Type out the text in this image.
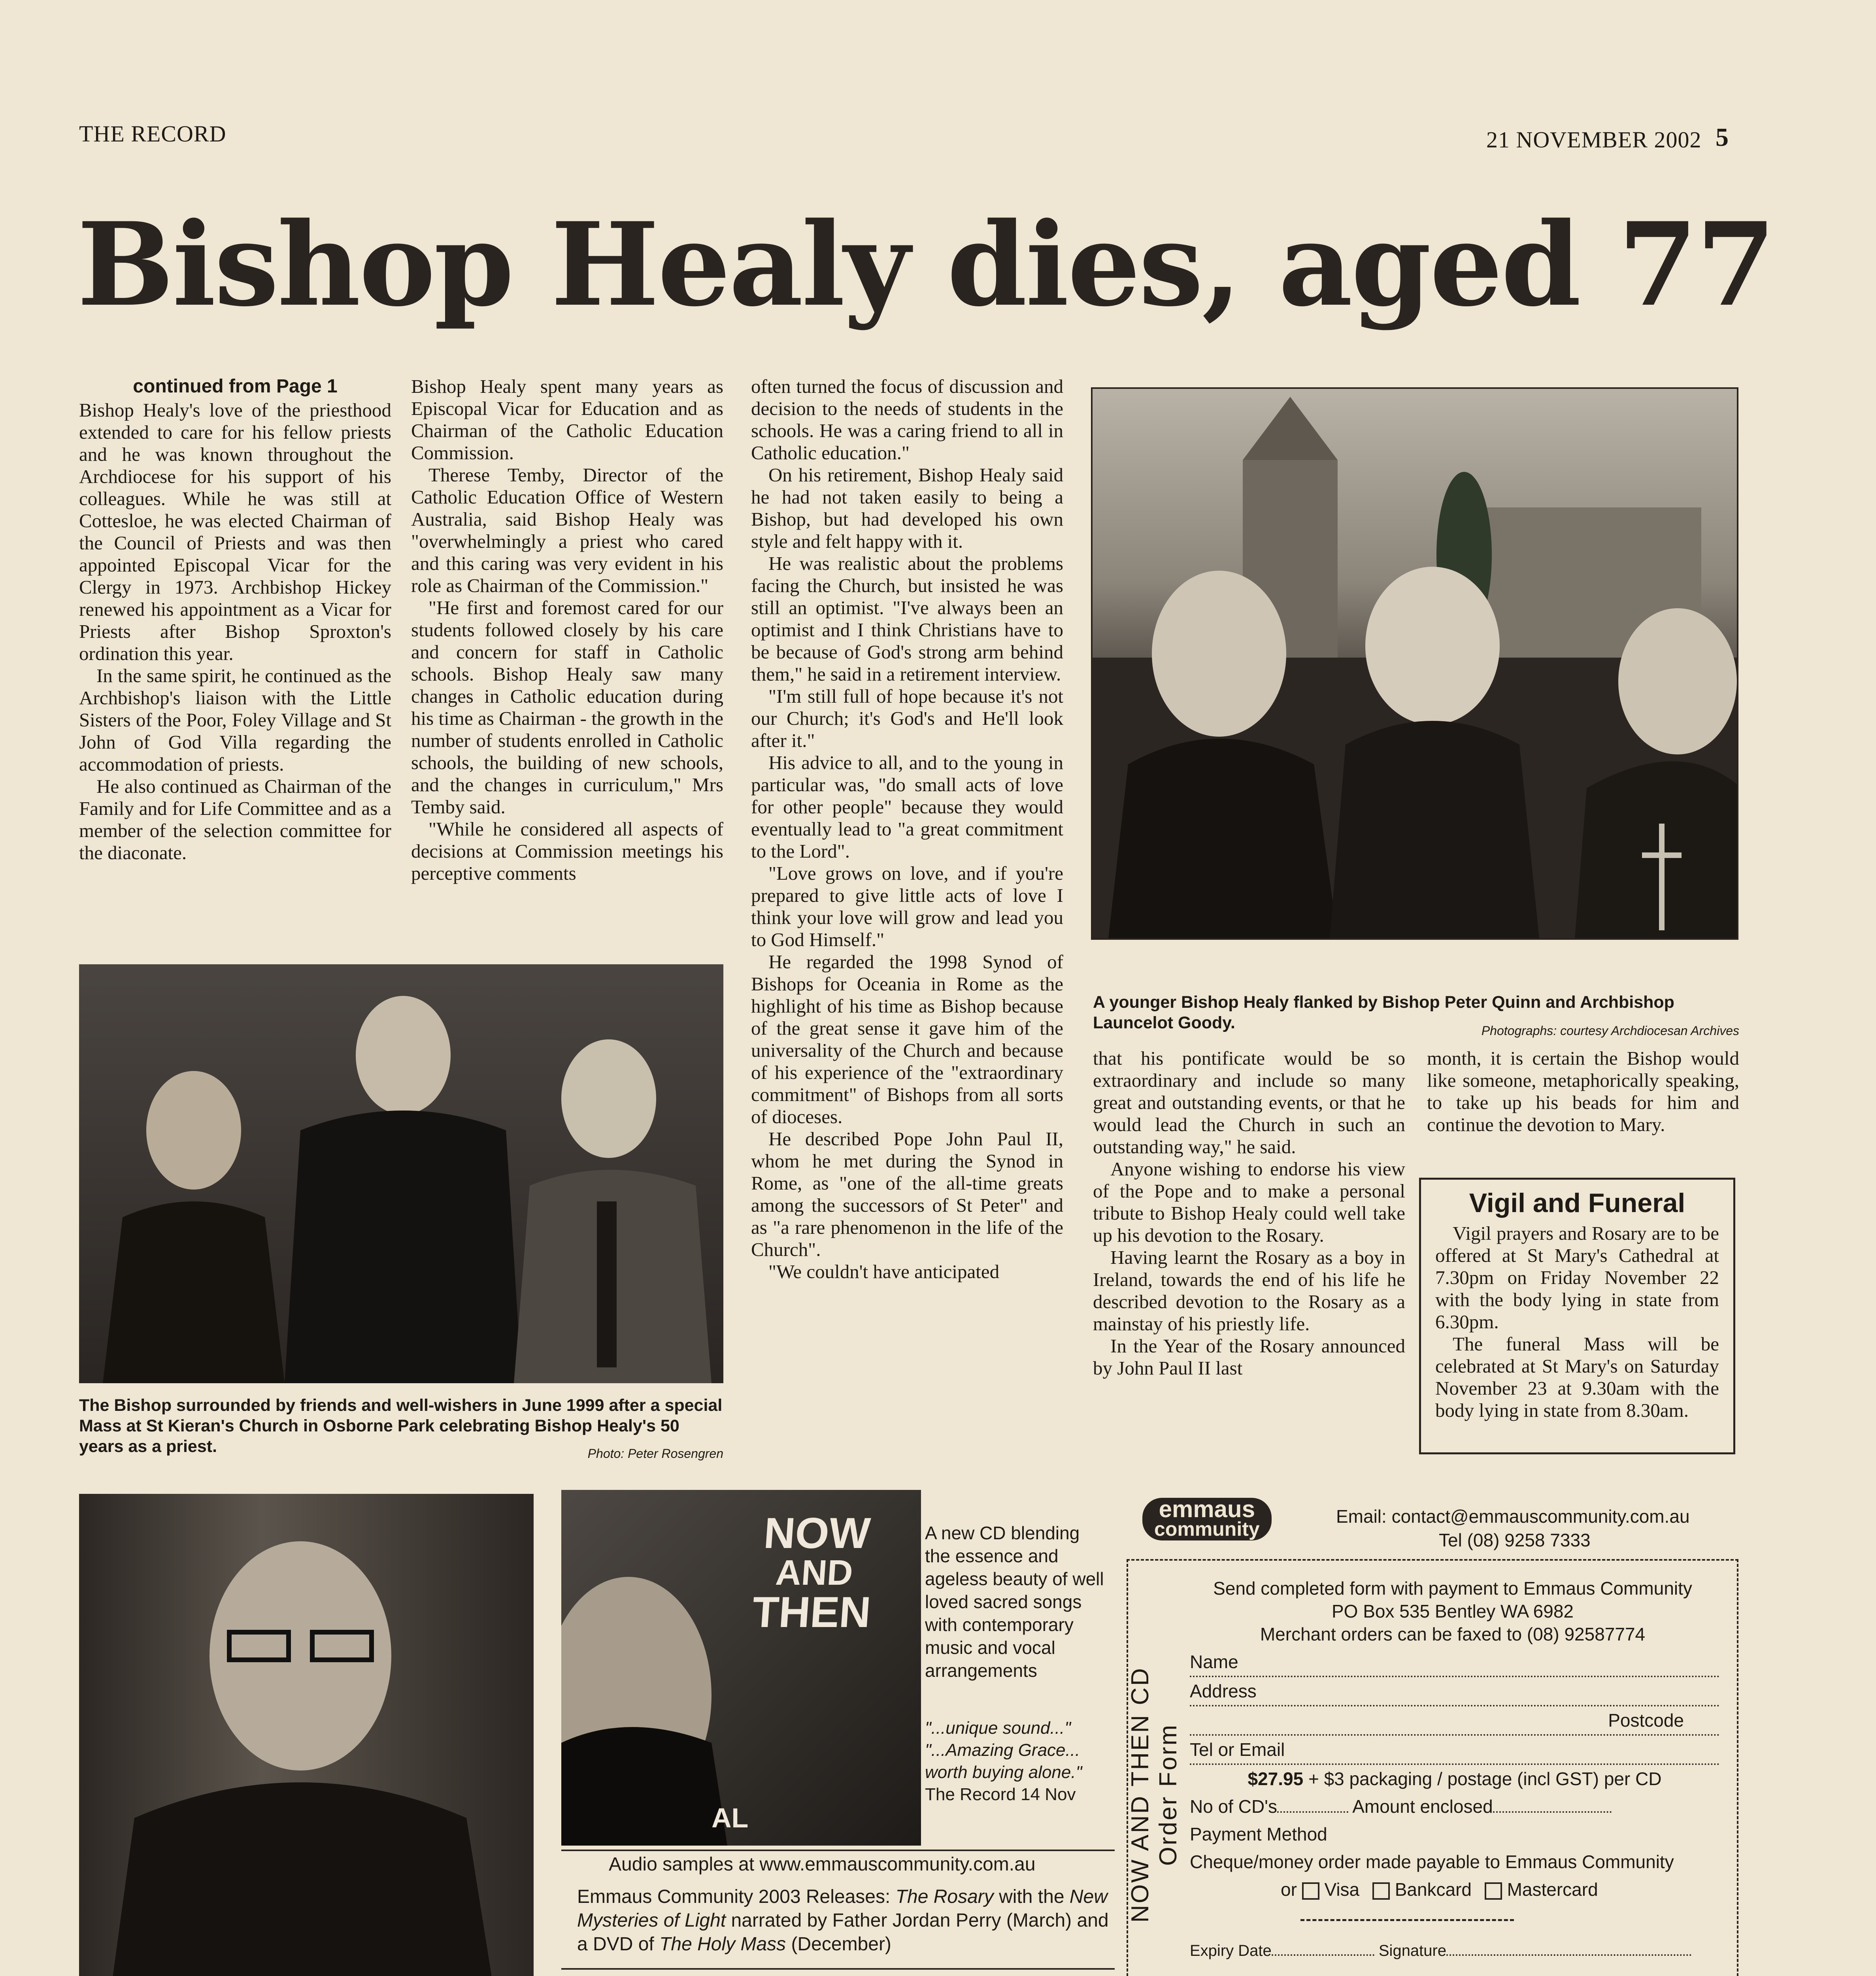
THE RECORD	21 NOVEMBER 2002 5
Bishop Healy dies, aged 77
continued from Page 1

Bishop Healy's love of the priesthood extended to care for his fellow priests and he was known throughout the Archdiocese for his support of his colleagues. While he was still at Cottesloe, he was elected Chairman of the Council of Priests and was then appointed Episcopal Vicar for the Clergy in 1973. Archbishop Hickey renewed his appointment as a Vicar for Priests after Bishop Sproxton's ordination this year.

In the same spirit, he continued as the Archbishop's liaison with the Little Sisters of the Poor, Foley Village and St John of God Villa regarding the accommodation of priests.

He also continued as Chairman of the Family and for Life Committee and as a member of the selection committee for the diaconate.

Bishop Healy spent many years as Episcopal Vicar for Education and as Chairman of the Catholic Education Commission.

Therese Temby, Director of the Catholic Education Office of Western Australia, said Bishop Healy was "overwhelmingly a priest who cared and this caring was very evident in his role as Chairman of the Commission."

"He first and foremost cared for our students followed closely by his care and concern for staff in Catholic schools. Bishop Healy saw many changes in Catholic education during his time as Chairman - the growth in the number of students enrolled in Catholic schools, the building of new schools, and the changes in curriculum," Mrs Temby said.

"While he considered all aspects of decisions at Commission meetings his perceptive comments

often turned the focus of discussion and decision to the needs of students in the schools. He was a caring friend to all in Catholic education."

On his retirement, Bishop Healy said he had not taken easily to being a Bishop, but had developed his own style and felt happy with it.

He was realistic about the problems facing the Church, but insisted he was still an optimist. "I've always been an optimist and I think Christians have to be because of God's strong arm behind them," he said in a retirement interview.

"I'm still full of hope because it's not our Church; it's God's and He'll look after it."

His advice to all, and to the young in particular was, "do small acts of love for other people" because they would eventually lead to "a great commitment to the Lord".

"Love grows on love, and if you're prepared to give little acts of love I think your love will grow and lead you to God Himself."

He regarded the 1998 Synod of Bishops for Oceania in Rome as the highlight of his time as Bishop because of the great sense it gave him of the universality of the Church and because of his experience of the "extraordinary commitment" of Bishops from all sorts of dioceses.

He described Pope John Paul II, whom he met during the Synod in Rome, as "one of the all-time greats among the successors of St Peter" and as "a rare phenomenon in the life of the Church".

"We couldn't have anticipated

A younger Bishop Healy flanked by Bishop Peter Quinn and Archbishop Launcelot Goody.	Photographs: courtesy Archdiocesan Archives
The Bishop surrounded by friends and well-wishers in June 1999 after a special Mass at St Kieran's Church in Osborne Park celebrating Bishop Healy's 50 years as a priest.	Photo: Peter Rosengren

that his pontificate would be so extraordinary and include so many great and outstanding events, or that he would lead the Church in such an outstanding way," he said.

Anyone wishing to endorse his view of the Pope and to make a personal tribute to Bishop Healy could well take up his devotion to the Rosary.

Having learnt the Rosary as a boy in Ireland, towards the end of his life he described devotion to the Rosary as a mainstay of his priestly life.

In the Year of the Rosary announced by John Paul II last

month, it is certain the Bishop would like someone, metaphorically speaking, to take up his beads for him and continue the devotion to Mary.

Vigil and Funeral

Vigil prayers and Rosary are to be offered at St Mary's Cathedral at 7.30pm on Friday November 22 with the body lying in state from 6.30pm.

The funeral Mass will be celebrated at St Mary's on Saturday November 23 at 9.30am with the body lying in state from 8.30am.

NOW
AND
THEN
AL
A new CD blending the essence and ageless beauty of well loved sacred songs with contemporary music and vocal arrangements
"...unique sound..."
"...Amazing Grace... worth buying alone."
The Record 14 Nov
Audio samples at www.emmauscommunity.com.au
Emmaus Community 2003 Releases: The Rosary with the New Mysteries of Light narrated by Father Jordan Perry (March) and a DVD of The Holy Mass (December)
emmaus
community
Email: contact@emmauscommunity.com.au
Tel (08) 9258 7333
NOW AND THEN CD Order Form
Send completed form with payment to Emmaus Community
PO Box 535 Bentley WA 6982
Merchant orders can be faxed to (08) 92587774
Name
Address
Postcode
Tel or Email
$27.95 + $3 packaging / postage (incl GST) per CD
No of CD's	Amount enclosed
Payment Method
Cheque/money order made payable to Emmaus Community
or Visa Bankcard Mastercard
Expiry Date	Signature
